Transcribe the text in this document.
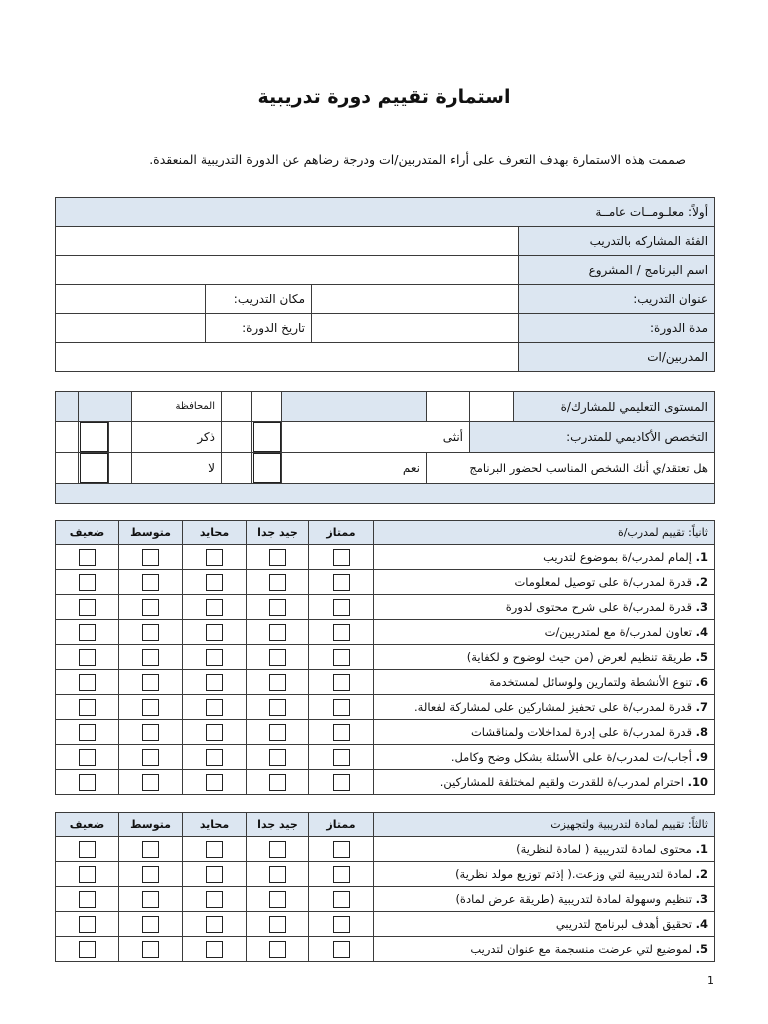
استمارة تقييم دورة تدريبية
صممت هذه الاستمارة بهدف التعرف على أراء المتدربين/ات ودرجة رضاهم عن الدورة التدريبية المنعقدة.
أولاً: معلـومــات عامــة			
			الفئة المشاركه بالتدريب
			اسم البرنامج / المشروع
	مكان التدريب:		عنوان التدريب:
	تاريخ الدورة:		مدة الدورة:
			المدربين/ات
			المحافظة						المستوى التعليمي للمشارك/ة
			ذكر			أنثى		التخصص الأكاديمي للمتدرب:	
			لا			نعم	هل تعتقد/ي أنك الشخص المناسب لحضور البرنامج		

ضعيف	متوسط	محايد	جيد جدا	ممتاز	ثانياً: تقييم لمدرب/ة
					1. إلمام لمدرب/ة بموضوع لتدريب
					2. قدرة لمدرب/ة على توصيل لمعلومات
					3. قدرة لمدرب/ة على شرح محتوى لدورة
					4. تعاون لمدرب/ة مع لمتدربين/ت
					5. طريقة تنظيم لعرض (من حيث لوضوح و لكفاية)
					6. تنوع الأنشطة ولتمارين ولوسائل لمستخدمة
					7. قدرة لمدرب/ة على تحفيز لمشاركين على لمشاركة لفعالة.
					8. قدرة لمدرب/ة على إدرة لمداخلات ولمناقشات
					9. أجاب/ت لمدرب/ة على الأسئلة بشكل وضح وكامل.
					10. احترام لمدرب/ة للقدرت ولقيم لمختلفة للمشاركين.
ضعيف	متوسط	محايد	جيد جدا	ممتاز	ثالثاً: تقييم لمادة لتدريبية ولتجهيزت
					1. محتوى لمادة لتدريبية ( لمادة لنظرية)
					2. لمادة لتدريبية لتي وزعت.( إذتم توزيع مولد نظرية)
					3. تنظيم وسهولة لمادة لتدريبية (طريقة عرض لمادة)
					4. تحقيق أهدف لبرنامج لتدريبي
					5. لموضيع لتي عرضت منسجمة مع عنوان لتدريب
1
